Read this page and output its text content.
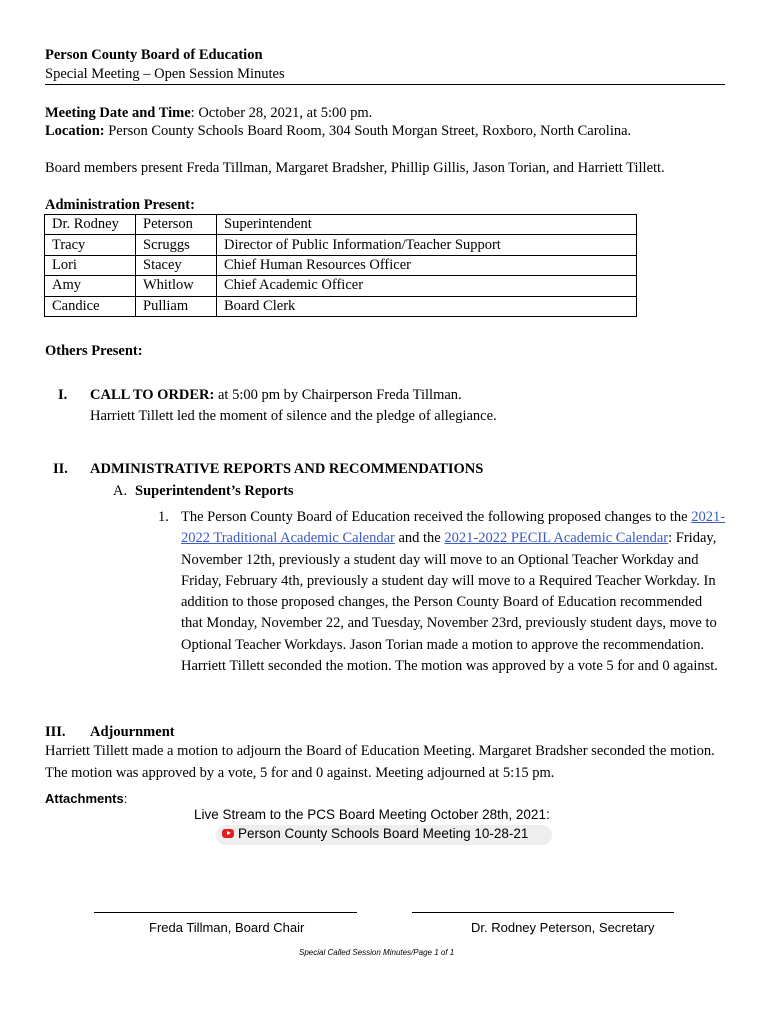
Person County Board of Education
Special Meeting – Open Session Minutes
Meeting Date and Time: October 28, 2021, at 5:00 pm.
Location: Person County Schools Board Room, 304 South Morgan Street, Roxboro, North Carolina.
Board members present Freda Tillman, Margaret Bradsher, Phillip Gillis, Jason Torian, and Harriett Tillett.
Administration Present:
Dr. Rodney	Peterson	Superintendent
Tracy	Scruggs	Director of Public Information/Teacher Support
Lori	Stacey	Chief Human Resources Officer
Amy	Whitlow	Chief Academic Officer
Candice	Pulliam	Board Clerk
Others Present:
I. CALL TO ORDER: at 5:00 pm by Chairperson Freda Tillman.
Harriett Tillett led the moment of silence and the pledge of allegiance.
II. ADMINISTRATIVE REPORTS AND RECOMMENDATIONS
A. Superintendent’s Reports
1. The Person County Board of Education received the following proposed changes to the 2021-2022 Traditional Academic Calendar and the 2021-2022 PECIL Academic Calendar: Friday, November 12th, previously a student day will move to an Optional Teacher Workday and Friday, February 4th, previously a student day will move to a Required Teacher Workday. In addition to those proposed changes, the Person County Board of Education recommended that Monday, November 22, and Tuesday, November 23rd, previously student days, move to Optional Teacher Workdays. Jason Torian made a motion to approve the recommendation. Harriett Tillett seconded the motion. The motion was approved by a vote 5 for and 0 against.
III. Adjournment
Harriett Tillett made a motion to adjourn the Board of Education Meeting. Margaret Bradsher seconded the motion. The motion was approved by a vote, 5 for and 0 against. Meeting adjourned at 5:15 pm.
Attachments:
Live Stream to the PCS Board Meeting October 28th, 2021:
Person County Schools Board Meeting 10-28-21
Freda Tillman, Board Chair	Dr. Rodney Peterson, Secretary
Special Called Session Minutes/Page 1 of 1
